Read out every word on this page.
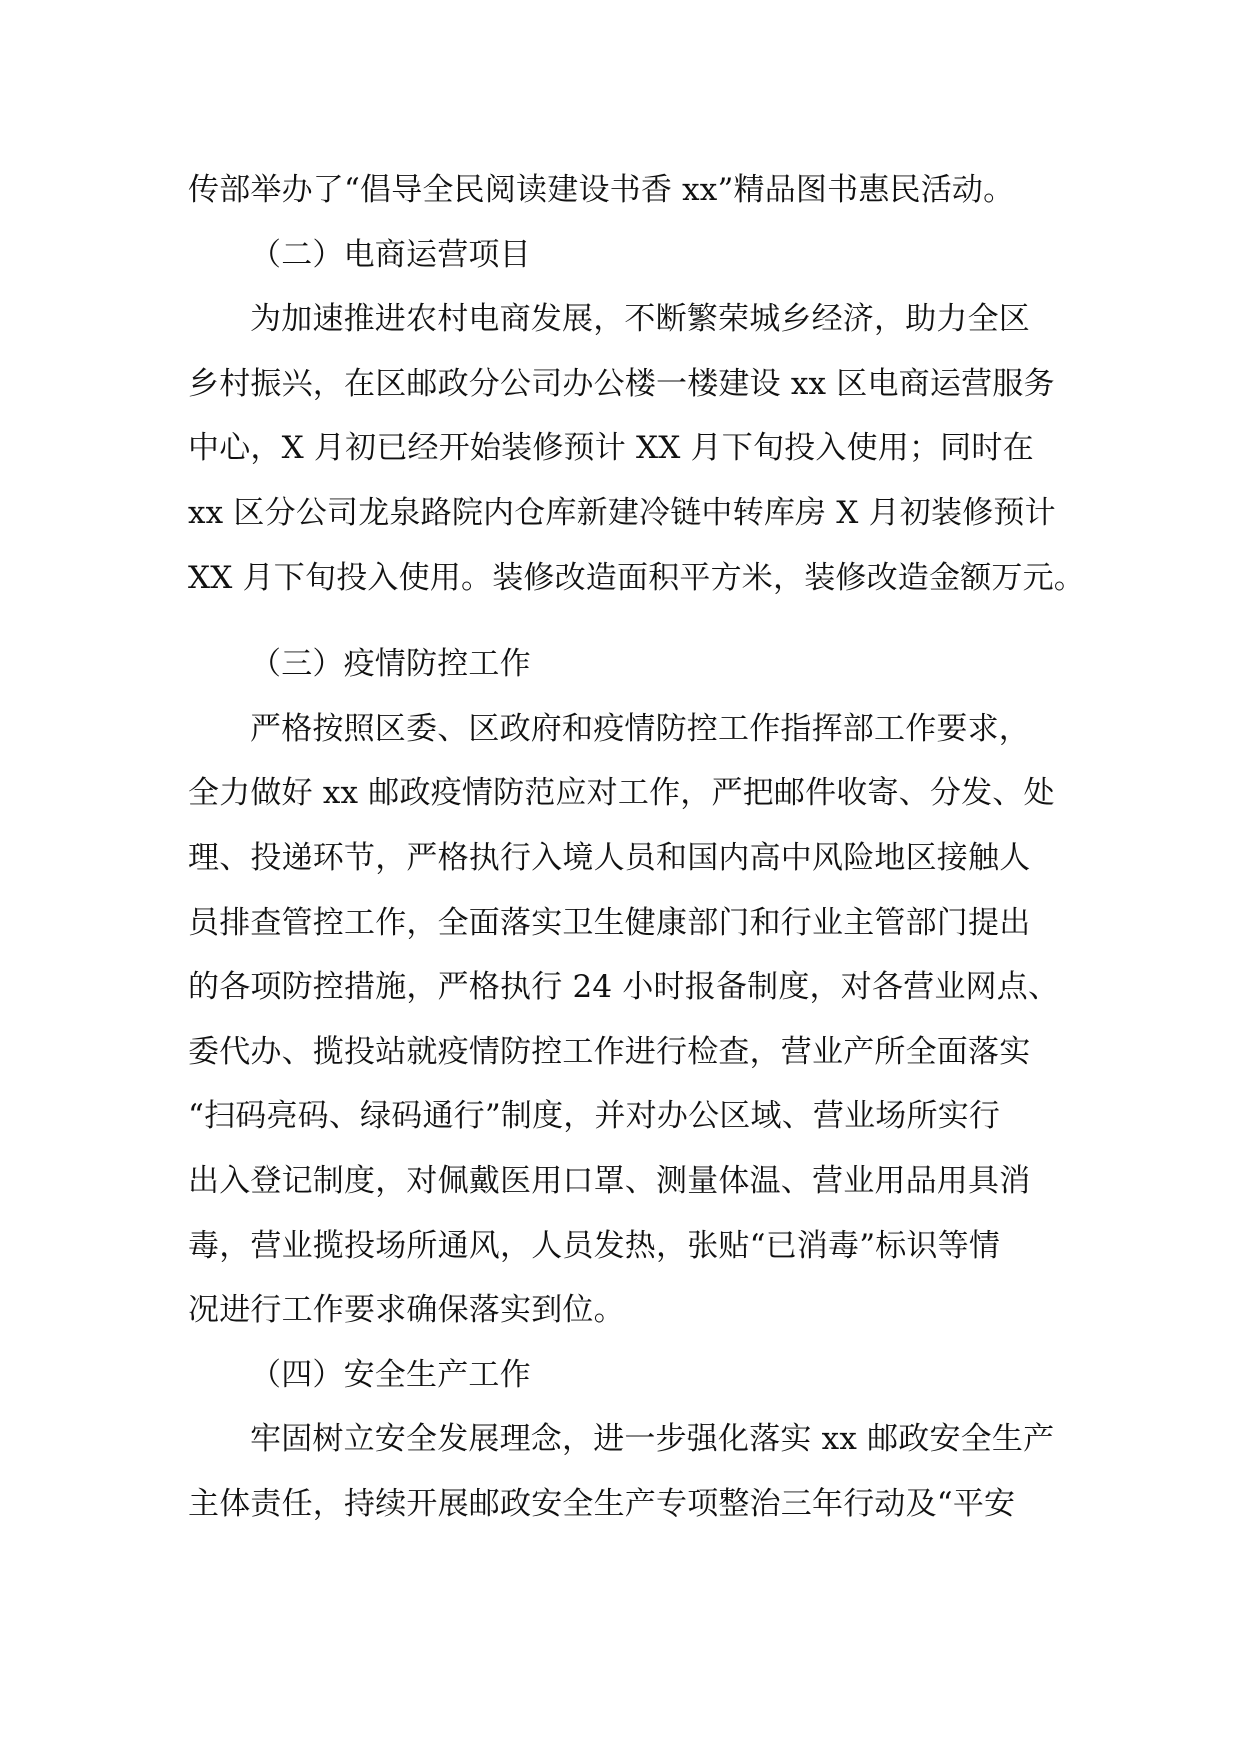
传部举办了“倡导全民阅读建设书香 xx”精品图书惠民活动。
（二）电商运营项目
为加速推进农村电商发展，不断繁荣城乡经济，助力全区
乡村振兴，在区邮政分公司办公楼一楼建设 xx 区电商运营服务
中心，X 月初已经开始装修预计 XX 月下旬投入使用；同时在
xx 区分公司龙泉路院内仓库新建冷链中转库房 X 月初装修预计
XX 月下旬投入使用。装修改造面积平方米，装修改造金额万元。
（三）疫情防控工作
严格按照区委、区政府和疫情防控工作指挥部工作要求，
全力做好 xx 邮政疫情防范应对工作，严把邮件收寄、分发、处
理、投递环节，严格执行入境人员和国内高中风险地区接触人
员排查管控工作，全面落实卫生健康部门和行业主管部门提出
的各项防控措施，严格执行 24 小时报备制度，对各营业网点、
委代办、揽投站就疫情防控工作进行检查，营业产所全面落实
“扫码亮码、绿码通行”制度，并对办公区域、营业场所实行
出入登记制度，对佩戴医用口罩、测量体温、营业用品用具消
毒，营业揽投场所通风，人员发热，张贴“已消毒”标识等情
况进行工作要求确保落实到位。
（四）安全生产工作
牢固树立安全发展理念，进一步强化落实 xx 邮政安全生产
主体责任，持续开展邮政安全生产专项整治三年行动及“平安
